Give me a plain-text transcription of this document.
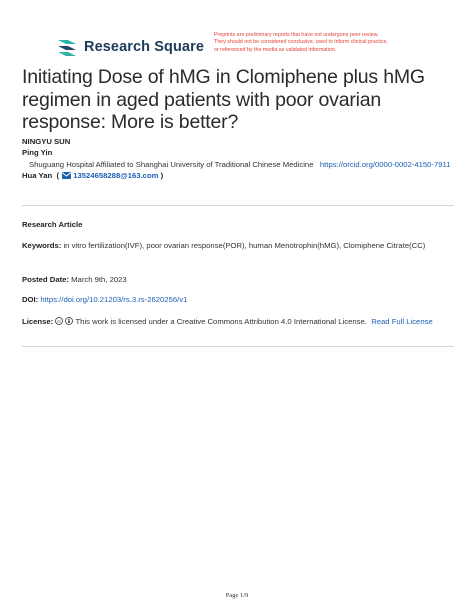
Research Square
Preprints are preliminary reports that have not undergone peer review.
They should not be considered conclusive, used to inform clinical practice,
or referenced by the media as validated information.
Initiating Dose of hMG in Clomiphene plus hMG regimen in aged patients with poor ovarian response: More is better?
NINGYU SUN
Ping Yin
Shuguang Hospital Affiliated to Shanghai University of Traditional Chinese Medicine https://orcid.org/0000-0002-4150-7911
Hua Yan ( 13524658288@163.com )
Research Article
Keywords: in vitro fertilization(IVF), poor ovarian response(POR), human Menotrophin(hMG), Clomiphene Citrate(CC)
Posted Date: March 9th, 2023
DOI: https://doi.org/10.21203/rs.3.rs-2620256/v1
License: cc This work is licensed under a Creative Commons Attribution 4.0 International License. Read Full License
Page 1/9
